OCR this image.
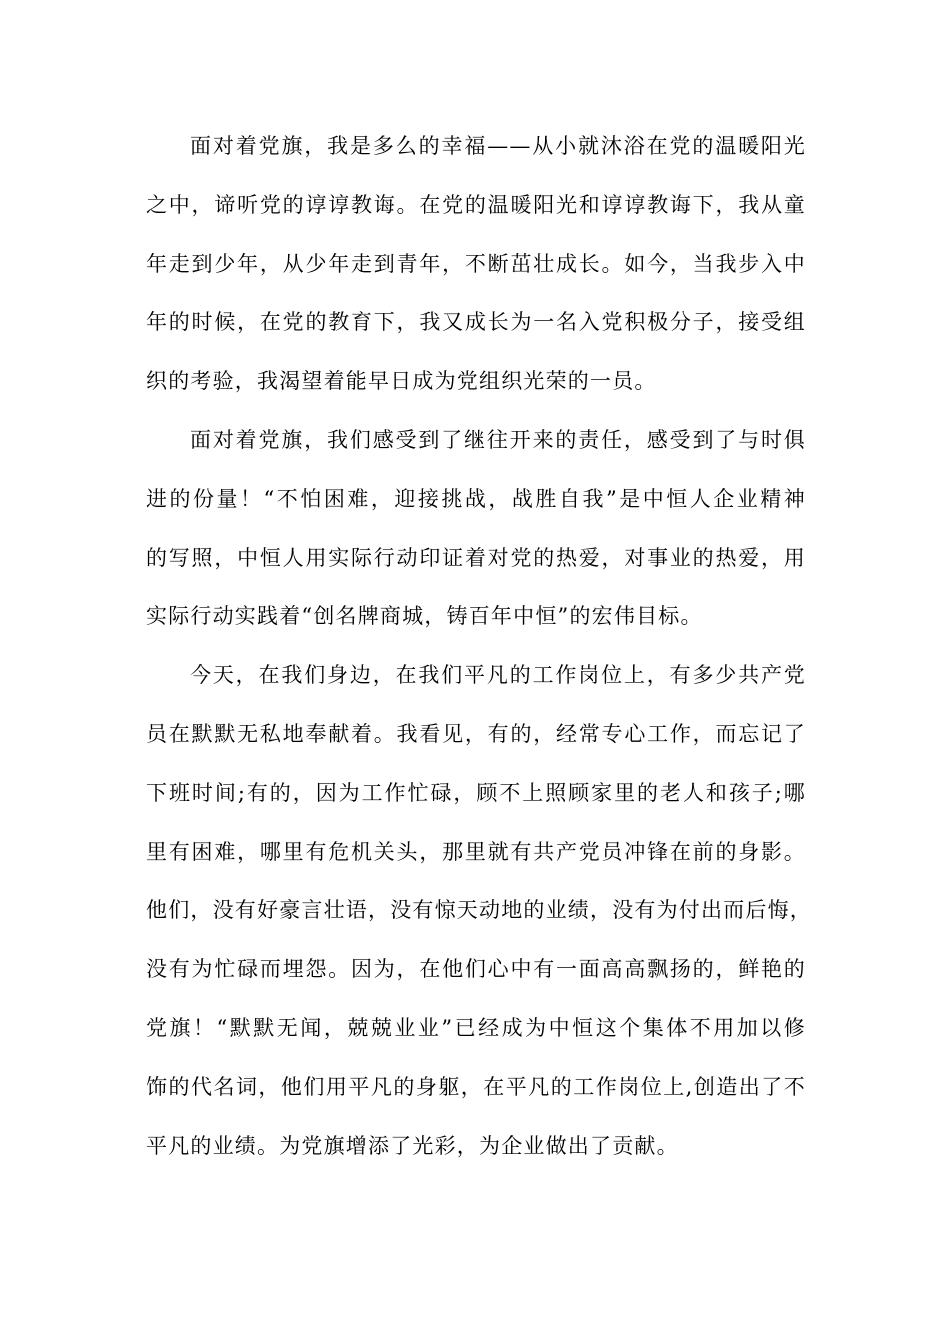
面对着党旗，我是多么的幸福——从小就沐浴在党的温暖阳光
之中，谛听党的谆谆教诲。在党的温暖阳光和谆谆教诲下，我从童
年走到少年，从少年走到青年，不断茁壮成长。如今，当我步入中
年的时候，在党的教育下，我又成长为一名入党积极分子，接受组
织的考验，我渴望着能早日成为党组织光荣的一员。
面对着党旗，我们感受到了继往开来的责任，感受到了与时俱
进的份量！“不怕困难，迎接挑战，战胜自我”是中恒人企业精神
的写照，中恒人用实际行动印证着对党的热爱，对事业的热爱，用
实际行动实践着“创名牌商城，铸百年中恒”的宏伟目标。
今天，在我们身边，在我们平凡的工作岗位上，有多少共产党
员在默默无私地奉献着。我看见，有的，经常专心工作，而忘记了
下班时间;有的，因为工作忙碌，顾不上照顾家里的老人和孩子;哪
里有困难，哪里有危机关头，那里就有共产党员冲锋在前的身影。
他们，没有好豪言壮语，没有惊天动地的业绩，没有为付出而后悔，
没有为忙碌而埋怨。因为，在他们心中有一面高高飘扬的，鲜艳的
党旗！“默默无闻，兢兢业业”已经成为中恒这个集体不用加以修
饰的代名词，他们用平凡的身躯，在平凡的工作岗位上,创造出了不
平凡的业绩。为党旗增添了光彩，为企业做出了贡献。
